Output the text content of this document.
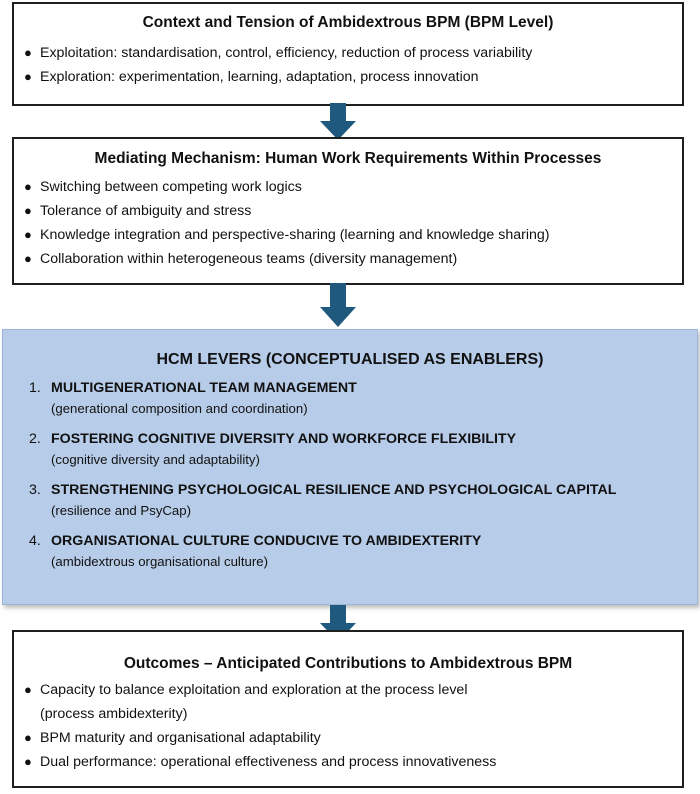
Context and Tension of Ambidextrous BPM (BPM Level)
● Exploitation: standardisation, control, efficiency, reduction of process variability
● Exploration: experimentation, learning, adaptation, process innovation
Mediating Mechanism: Human Work Requirements Within Processes
● Switching between competing work logics
● Tolerance of ambiguity and stress
● Knowledge integration and perspective-sharing (learning and knowledge sharing)
● Collaboration within heterogeneous teams (diversity management)
HCM LEVERS (CONCEPTUALISED AS ENABLERS)
1. MULTIGENERATIONAL TEAM MANAGEMENT
(generational composition and coordination)
2. FOSTERING COGNITIVE DIVERSITY AND WORKFORCE FLEXIBILITY
(cognitive diversity and adaptability)
3. STRENGTHENING PSYCHOLOGICAL RESILIENCE AND PSYCHOLOGICAL CAPITAL
(resilience and PsyCap)
4. ORGANISATIONAL CULTURE CONDUCIVE TO AMBIDEXTERITY
(ambidextrous organisational culture)
Outcomes – Anticipated Contributions to Ambidextrous BPM
● Capacity to balance exploitation and exploration at the process level
(process ambidexterity)
● BPM maturity and organisational adaptability
● Dual performance: operational effectiveness and process innovativeness
